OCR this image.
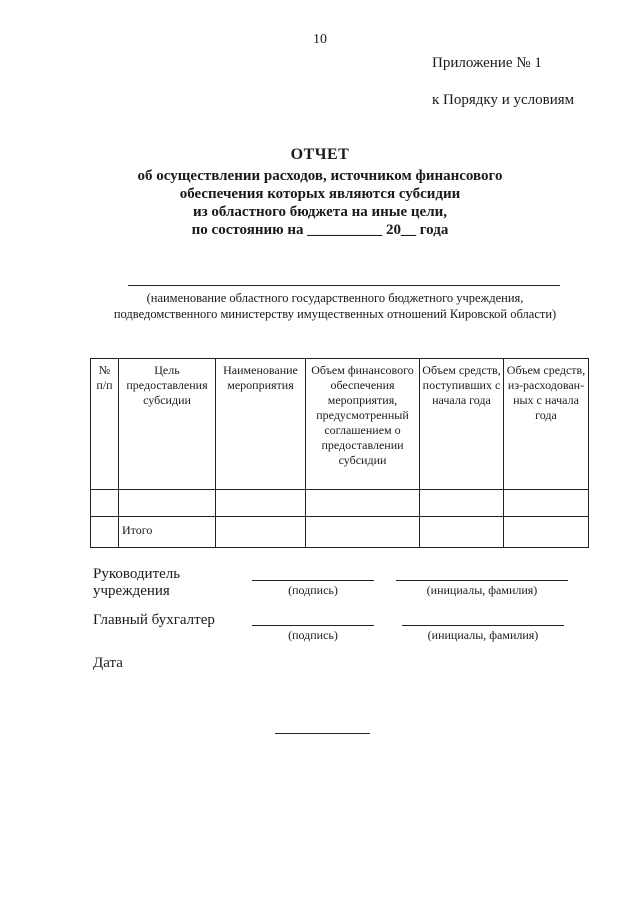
10
Приложение № 1
к Порядку и условиям
ОТЧЕТ
об осуществлении расходов, источником финансового
обеспечения которых являются субсидии
из областного бюджета на иные цели,
по состоянию на __________ 20__ года
(наименование областного государственного бюджетного учреждения,
подведомственного министерству имущественных отношений Кировской области)
№ п/п	Цель предоставления субсидии	Наименование мероприятия	Объем финансового обеспечения мероприятия, предусмотренный соглашением о предоставлении субсидии	Объем средств, поступивших с начала года	Объем средств, из-расходован-ных с начала года

	Итого				
Руководитель
учреждения	(подпись)	(инициалы, фамилия)
Главный бухгалтер
(подпись)	(инициалы, фамилия)
Дата
